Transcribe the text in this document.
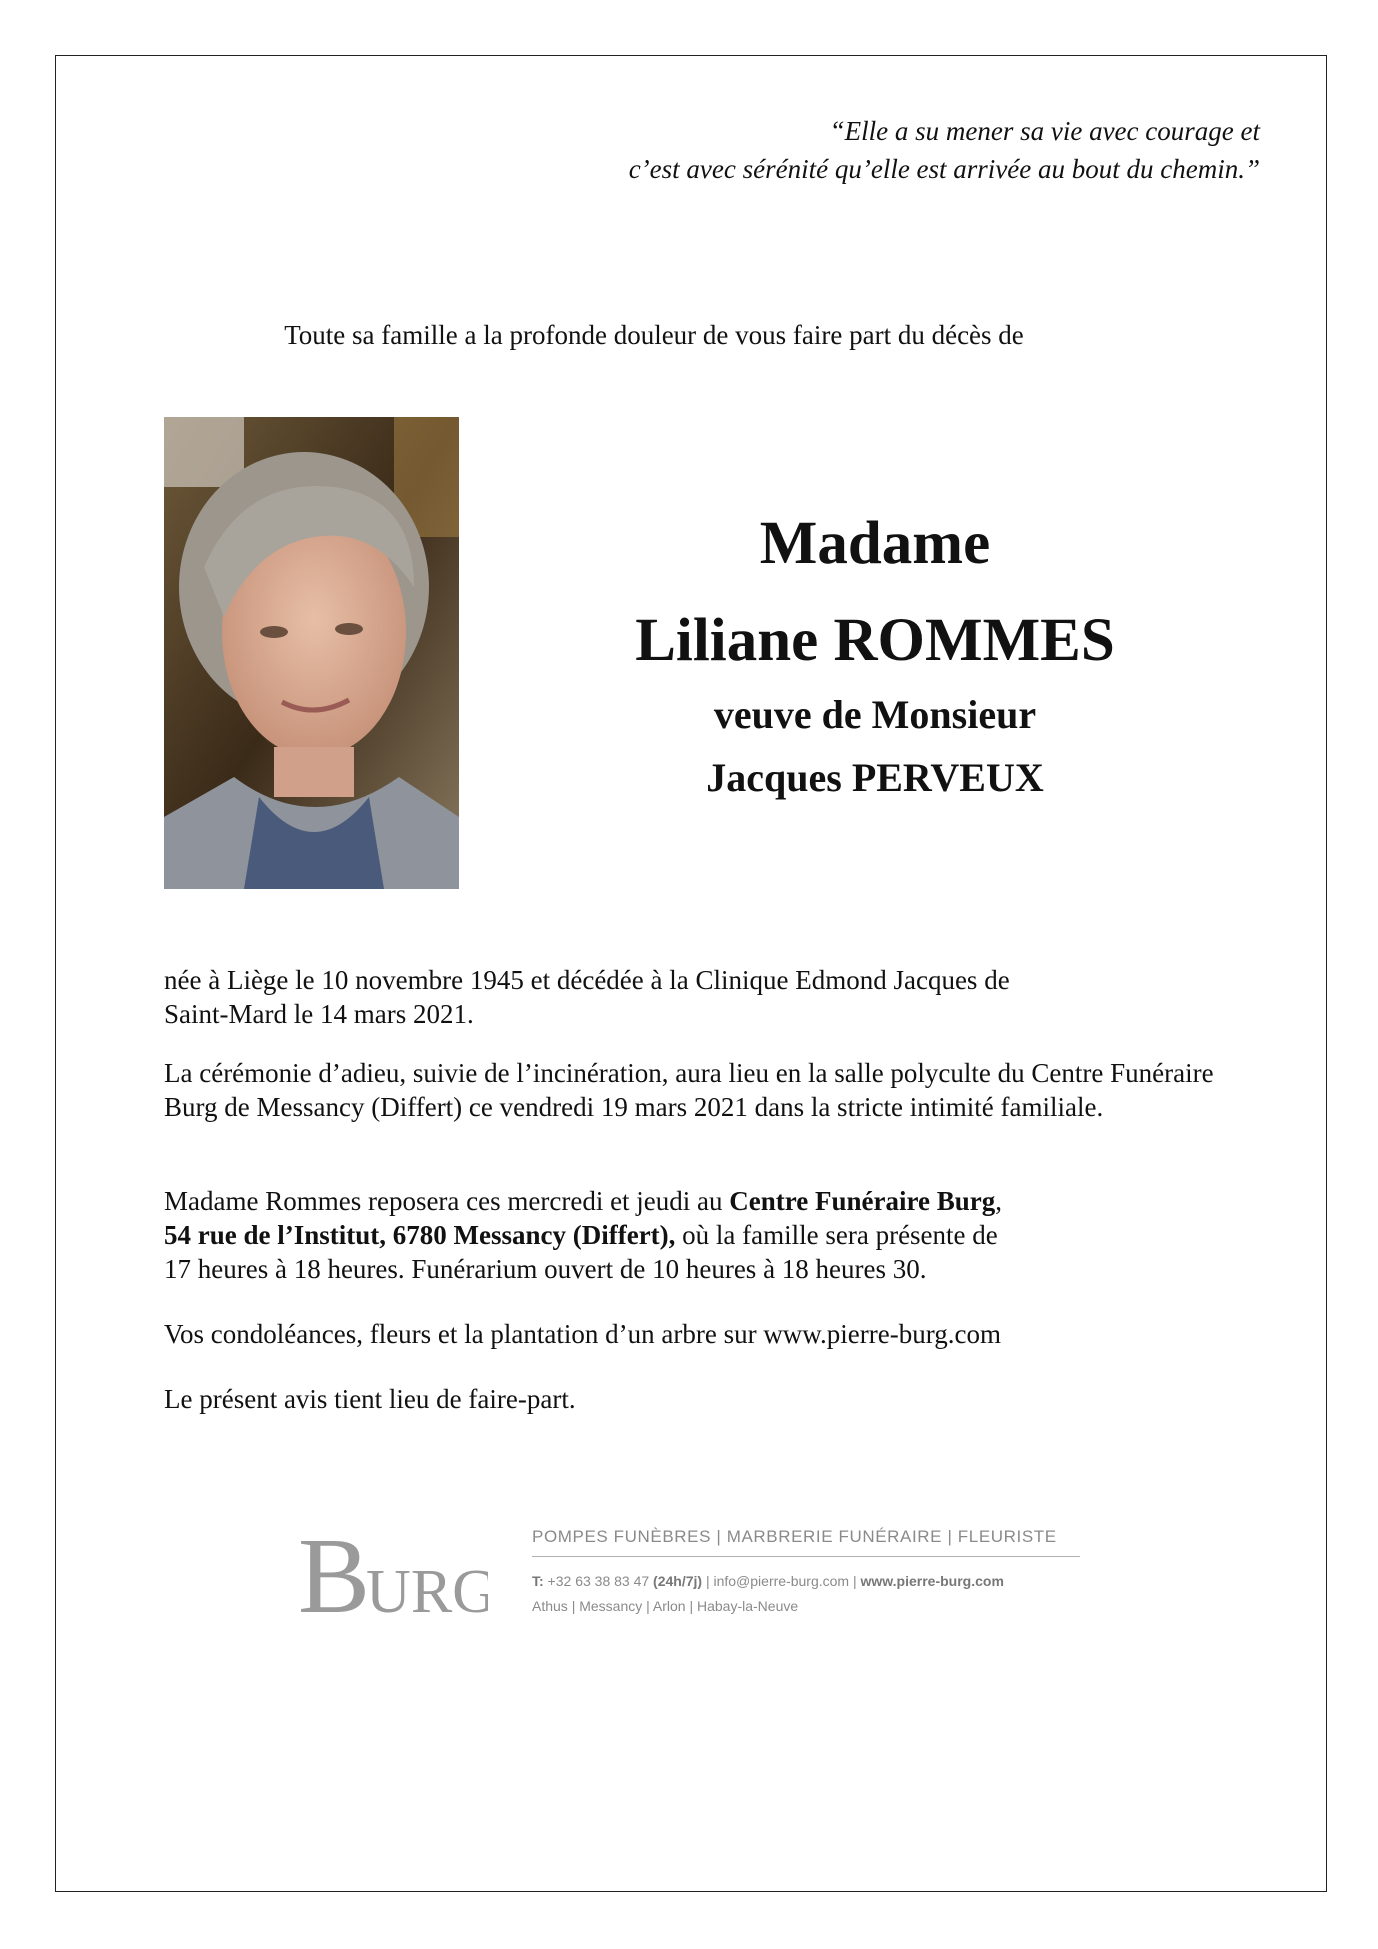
“Elle a su mener sa vie avec courage et
c’est avec sérénité qu’elle est arrivée au bout du chemin.”
Toute sa famille a la profonde douleur de vous faire part du décès de
Madame
Liliane ROMMES
veuve de Monsieur
Jacques PERVEUX

née à Liège le 10 novembre 1945 et décédée à la Clinique Edmond Jacques de

Saint-Mard le 14 mars 2021.

La cérémonie d’adieu, suivie de l’incinération, aura lieu en la salle polyculte du Centre Funéraire Burg de Messancy (Differt) ce vendredi 19 mars 2021 dans la stricte intimité familiale.

Madame Rommes reposera ces mercredi et jeudi au Centre Funéraire Burg,

54 rue de l’Institut, 6780 Messancy (Differt), où la famille sera présente de

17 heures à 18 heures. Funérarium ouvert de 10 heures à 18 heures 30.

Vos condoléances, fleurs et la plantation d’un arbre sur www.pierre-burg.com

Le présent avis tient lieu de faire-part.

BURG
POMPES FUNÈBRES | MARBRERIE FUNÉRAIRE | FLEURISTE
T: +32 63 38 83 47 (24h/7j) | info@pierre-burg.com | www.pierre-burg.com
Athus | Messancy | Arlon | Habay-la-Neuve
